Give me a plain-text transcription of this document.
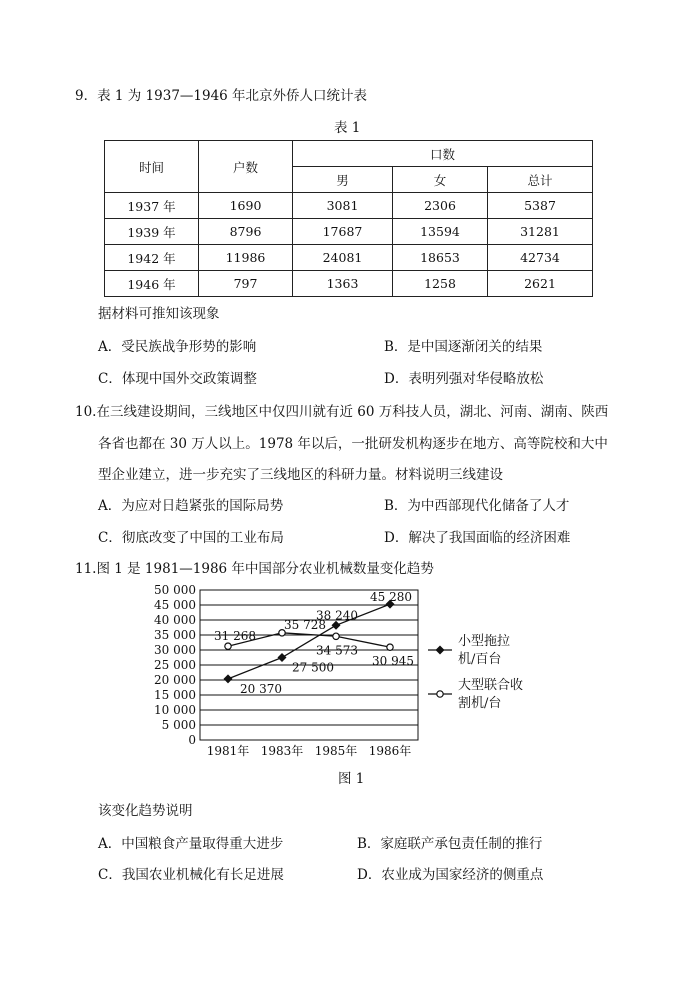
9．表 1 为 1937—1946 年北京外侨人口统计表
表 1
时间	户数	口数		
		男	女	总计
1937 年	1690	3081	2306	5387
1939 年	8796	17687	13594	31281
1942 年	11986	24081	18653	42734
1946 年	797	1363	1258	2621
据材料可推知该现象
A．受民族战争形势的影响	B．是中国逐渐闭关的结果
C．体现中国外交政策调整	D．表明列强对华侵略放松
10.在三线建设期间，三线地区中仅四川就有近 60 万科技人员，湖北、河南、湖南、陕西
各省也都在 30 万人以上。1978 年以后，一批研发机构逐步在地方、高等院校和大中
型企业建立，进一步充实了三线地区的科研力量。材料说明三线建设
A．为应对日趋紧张的国际局势	B．为中西部现代化储备了人才
C．彻底改变了中国的工业布局	D．解决了我国面临的经济困难
11.图 1 是 1981—1986 年中国部分农业机械数量变化趋势
0
5 000
10 000
15 000
20 000
25 000
30 000
35 000
40 000
45 000
50 000
1981年 1983年 1985年 1986年
20 370
27 500
38 240
45 280
31 268
35 728
34 573
30 945
小型拖拉
机/百台
大型联合收
割机/台
图 1
该变化趋势说明
A．中国粮食产量取得重大进步	B．家庭联产承包责任制的推行
C．我国农业机械化有长足进展	D．农业成为国家经济的侧重点
